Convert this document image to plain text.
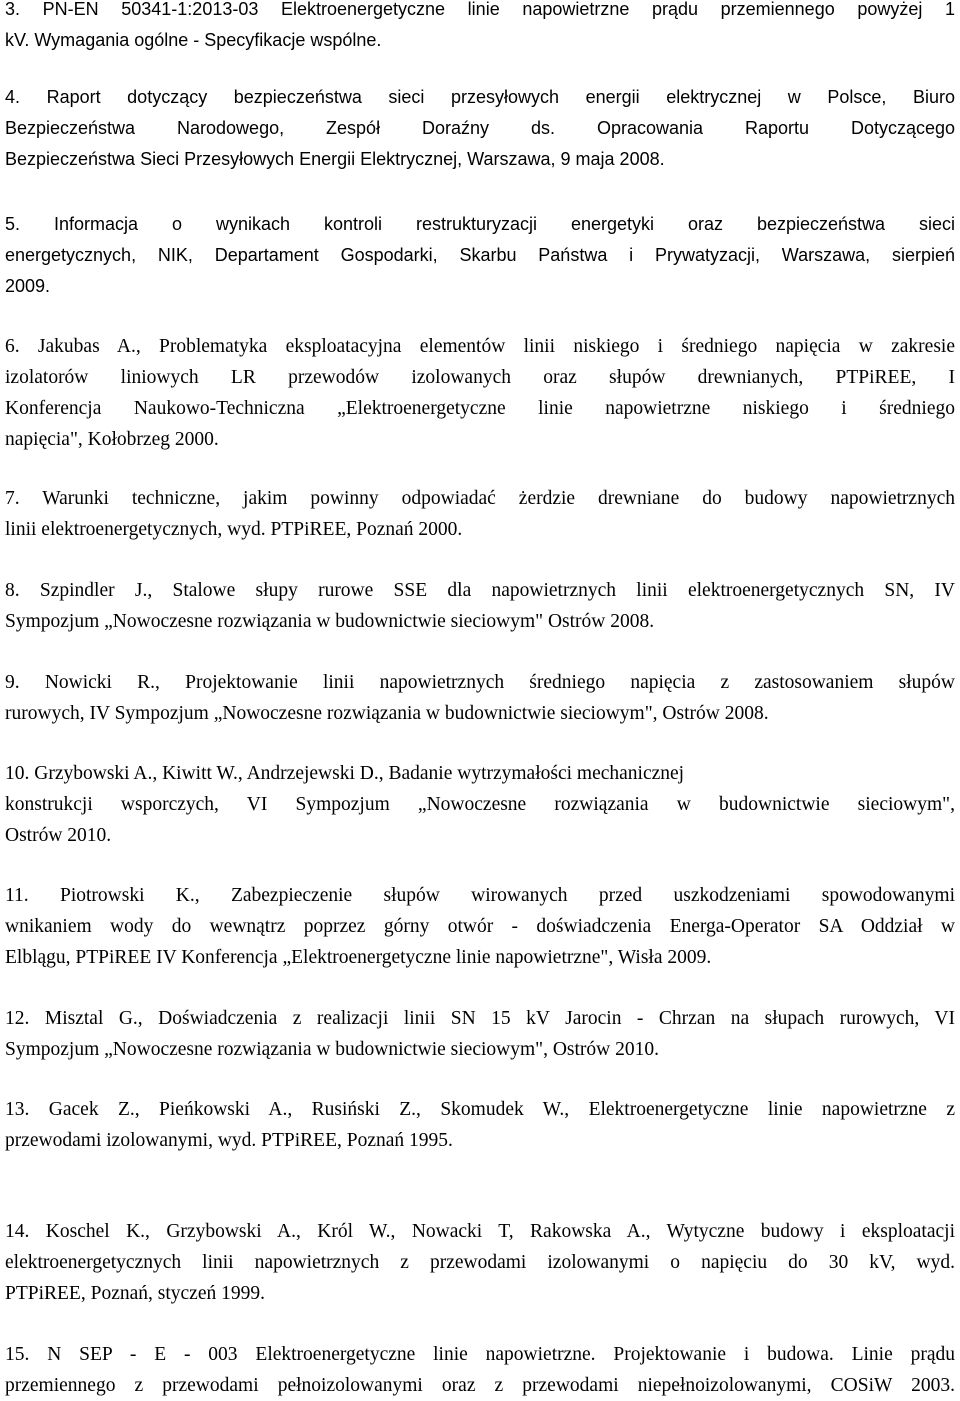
3. PN-EN 50341-1:2013-03 Elektroenergetyczne linie napowietrzne prądu przemiennego powyżej 1
kV. Wymagania ogólne - Specyfikacje wspólne.
4. Raport dotyczący bezpieczeństwa sieci przesyłowych energii elektrycznej w Polsce, Biuro
Bezpieczeństwa Narodowego, Zespół Doraźny ds. Opracowania Raportu Dotyczącego
Bezpieczeństwa Sieci Przesyłowych Energii Elektrycznej, Warszawa, 9 maja 2008.
5. Informacja o wynikach kontroli restrukturyzacji energetyki oraz bezpieczeństwa sieci
energetycznych, NIK, Departament Gospodarki, Skarbu Państwa i Prywatyzacji, Warszawa, sierpień
2009.
6. Jakubas A., Problematyka eksploatacyjna elementów linii niskiego i średniego napięcia w zakresie
izolatorów liniowych LR przewodów izolowanych oraz słupów drewnianych, PTPiREE, I
Konferencja Naukowo-Techniczna „Elektroenergetyczne linie napowietrzne niskiego i średniego
napięcia", Kołobrzeg 2000.
7. Warunki techniczne, jakim powinny odpowiadać żerdzie drewniane do budowy napowietrznych
linii elektroenergetycznych, wyd. PTPiREE, Poznań 2000.
8. Szpindler J., Stalowe słupy rurowe SSE dla napowietrznych linii elektroenergetycznych SN, IV
Sympozjum „Nowoczesne rozwiązania w budownictwie sieciowym" Ostrów 2008.
9. Nowicki R., Projektowanie linii napowietrznych średniego napięcia z zastosowaniem słupów
rurowych, IV Sympozjum „Nowoczesne rozwiązania w budownictwie sieciowym", Ostrów 2008.
10. Grzybowski A., Kiwitt W., Andrzejewski D., Badanie wytrzymałości mechanicznej
konstrukcji wsporczych, VI Sympozjum „Nowoczesne rozwiązania w budownictwie sieciowym",
Ostrów 2010.
11. Piotrowski K., Zabezpieczenie słupów wirowanych przed uszkodzeniami spowodowanymi
wnikaniem wody do wewnątrz poprzez górny otwór - doświadczenia Energa-Operator SA Oddział w
Elblągu, PTPiREE IV Konferencja „Elektroenergetyczne linie napowietrzne", Wisła 2009.
12. Misztal G., Doświadczenia z realizacji linii SN 15 kV Jarocin - Chrzan na słupach rurowych, VI
Sympozjum „Nowoczesne rozwiązania w budownictwie sieciowym", Ostrów 2010.
13. Gacek Z., Pieńkowski A., Rusiński Z., Skomudek W., Elektroenergetyczne linie napowietrzne z
przewodami izolowanymi, wyd. PTPiREE, Poznań 1995.
14. Koschel K., Grzybowski A., Król W., Nowacki T, Rakowska A., Wytyczne budowy i eksploatacji
elektroenergetycznych linii napowietrznych z przewodami izolowanymi o napięciu do 30 kV, wyd.
PTPiREE, Poznań, styczeń 1999.
15. N SEP - E - 003 Elektroenergetyczne linie napowietrzne. Projektowanie i budowa. Linie prądu
przemiennego z przewodami pełnoizolowanymi oraz z przewodami niepełnoizolowanymi, COSiW 2003.
